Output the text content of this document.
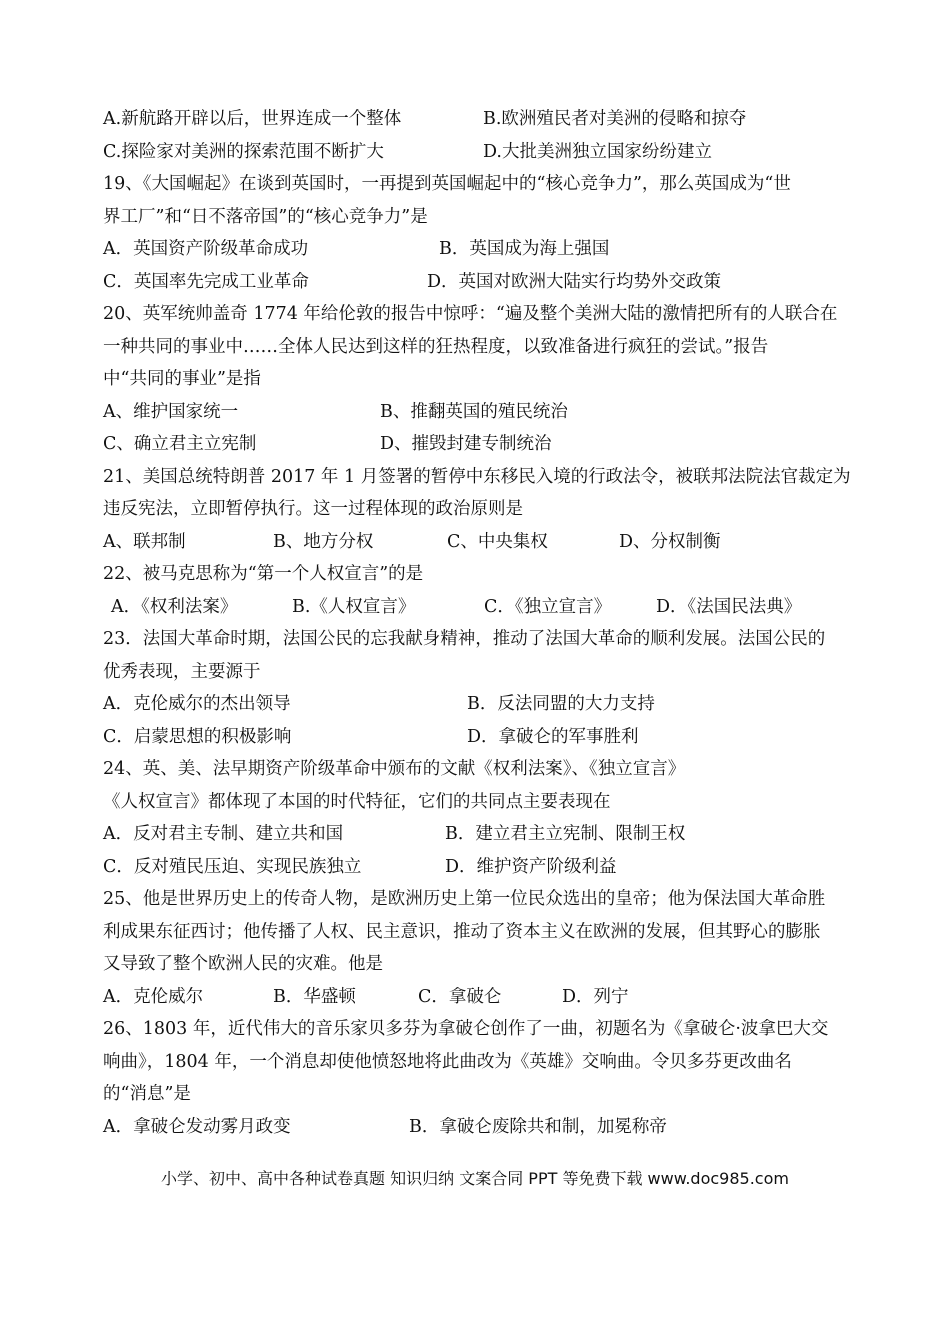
A.新航路开辟以后，世界连成一个整体	B.欧洲殖民者对美洲的侵略和掠夺
C.探险家对美洲的探索范围不断扩大	D.大批美洲独立国家纷纷建立
19、《大国崛起》在谈到英国时，一再提到英国崛起中的“核心竞争力”，那么英国成为“世
界工厂”和“日不落帝国”的“核心竞争力”是
A．英国资产阶级革命成功	B．英国成为海上强国
C．英国率先完成工业革命	D．英国对欧洲大陆实行均势外交政策
20、英军统帅盖奇 1774 年给伦敦的报告中惊呼：“遍及整个美洲大陆的激情把所有的人联合在
一种共同的事业中……全体人民达到这样的狂热程度，以致准备进行疯狂的尝试。”报告
中“共同的事业”是指
A、维护国家统一	B、推翻英国的殖民统治
C、确立君主立宪制	D、摧毁封建专制统治
21、美国总统特朗普 2017 年 1 月签署的暂停中东移民入境的行政法令，被联邦法院法官裁定为
违反宪法，立即暂停执行。这一过程体现的政治原则是
A、联邦制	B、地方分权	C、中央集权	D、分权制衡
22、被马克思称为“第一个人权宣言”的是
A．《权利法案》	B.《人权宣言》	C．《独立宣言》	D．《法国民法典》
23．法国大革命时期，法国公民的忘我献身精神，推动了法国大革命的顺利发展。法国公民的
优秀表现，主要源于
A．克伦威尔的杰出领导	B．反法同盟的大力支持
C．启蒙思想的积极影响	D．拿破仑的军事胜利
24、英、美、法早期资产阶级革命中颁布的文献《权利法案》、《独立宣言》
《人权宣言》都体现了本国的时代特征，它们的共同点主要表现在
A．反对君主专制、建立共和国	B．建立君主立宪制、限制王权
C．反对殖民压迫、实现民族独立	D．维护资产阶级利益
25、他是世界历史上的传奇人物，是欧洲历史上第一位民众选出的皇帝；他为保法国大革命胜
利成果东征西讨；他传播了人权、民主意识，推动了资本主义在欧洲的发展，但其野心的膨胀
又导致了整个欧洲人民的灾难。他是
A．克伦威尔	B．华盛顿	C．拿破仑	D．列宁
26、1803 年，近代伟大的音乐家贝多芬为拿破仑创作了一曲，初题名为《拿破仑·波拿巴大交
响曲》，1804 年，一个消息却使他愤怒地将此曲改为《英雄》交响曲。令贝多芬更改曲名
的“消息”是
A．拿破仑发动雾月政变	B．拿破仑废除共和制，加冕称帝
小学、初中、高中各种试卷真题 知识归纳 文案合同 PPT 等免费下载 www.doc985.com
